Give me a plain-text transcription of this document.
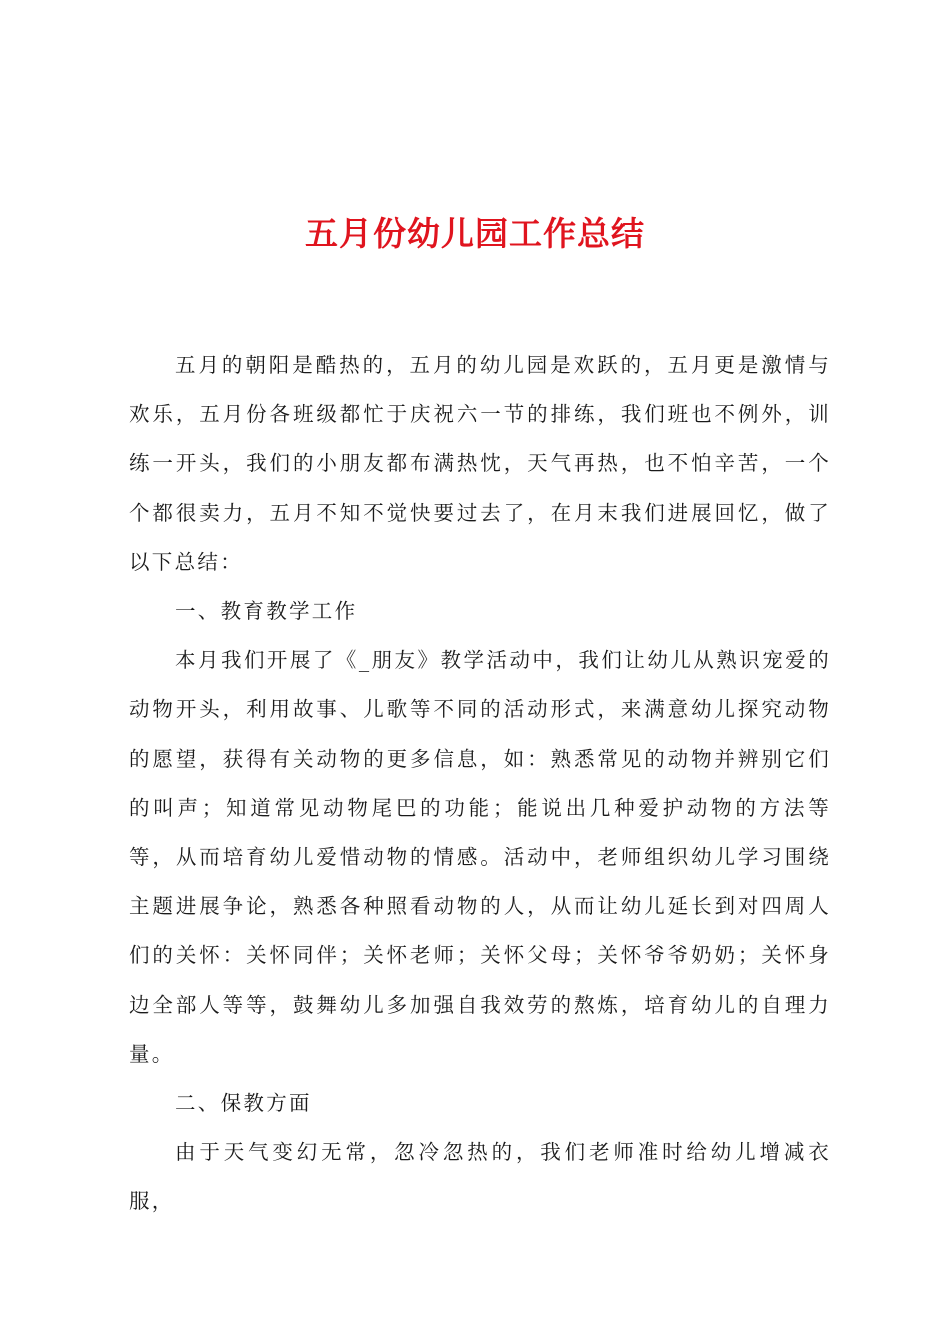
五月份幼儿园工作总结

五月的朝阳是酷热的，五月的幼儿园是欢跃的，五月更是激情与欢乐，五月份各班级都忙于庆祝六一节的排练，我们班也不例外，训练一开头，我们的小朋友都布满热忱，天气再热，也不怕辛苦，一个个都很卖力，五月不知不觉快要过去了，在月末我们进展回忆，做了以下总结：

一、教育教学工作

本月我们开展了《_朋友》教学活动中，我们让幼儿从熟识宠爱的动物开头，利用故事、儿歌等不同的活动形式，来满意幼儿探究动物的愿望，获得有关动物的更多信息，如：熟悉常见的动物并辨别它们的叫声；知道常见动物尾巴的功能；能说出几种爱护动物的方法等等，从而培育幼儿爱惜动物的情感。活动中，老师组织幼儿学习围绕主题进展争论，熟悉各种照看动物的人，从而让幼儿延长到对四周人们的关怀：关怀同伴；关怀老师；关怀父母；关怀爷爷奶奶；关怀身边全部人等等，鼓舞幼儿多加强自我效劳的熬炼，培育幼儿的自理力量。

二、保教方面

由于天气变幻无常，忽冷忽热的，我们老师准时给幼儿增减衣服，
